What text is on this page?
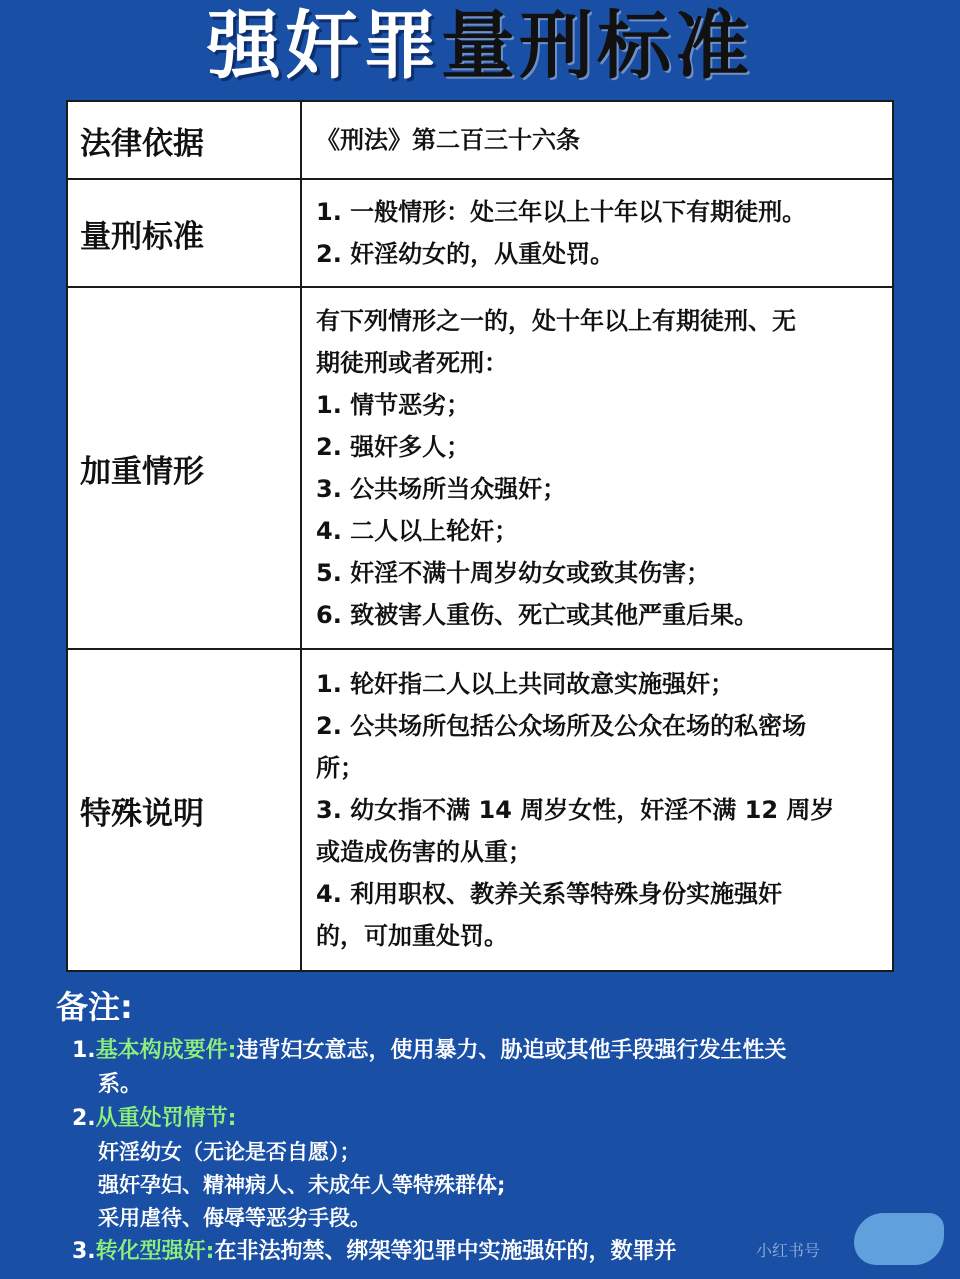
强奸罪量刑标准
法律依据	《刑法》第二百三十六条
量刑标准
1. 一般情形：处三年以上十年以下有期徒刑。
2. 奸淫幼女的，从重处罚。
加重情形
有下列情形之一的，处十年以上有期徒刑、无
期徒刑或者死刑：
1. 情节恶劣；
2. 强奸多人；
3. 公共场所当众强奸；
4. 二人以上轮奸；
5. 奸淫不满十周岁幼女或致其伤害；
6. 致被害人重伤、死亡或其他严重后果。
特殊说明
1. 轮奸指二人以上共同故意实施强奸；
2. 公共场所包括公众场所及公众在场的私密场
所；
3. 幼女指不满 14 周岁女性，奸淫不满 12 周岁
或造成伤害的从重；
4. 利用职权、教养关系等特殊身份实施强奸
的，可加重处罚。
备注:
1.基本构成要件:违背妇女意志，使用暴力、胁迫或其他手段强行发生性关
系。
2.从重处罚情节:
奸淫幼女（无论是否自愿）；
强奸孕妇、精神病人、未成年人等特殊群体;
采用虐待、侮辱等恶劣手段。
3.转化型强奸:在非法拘禁、绑架等犯罪中实施强奸的，数罪并	小红书号
